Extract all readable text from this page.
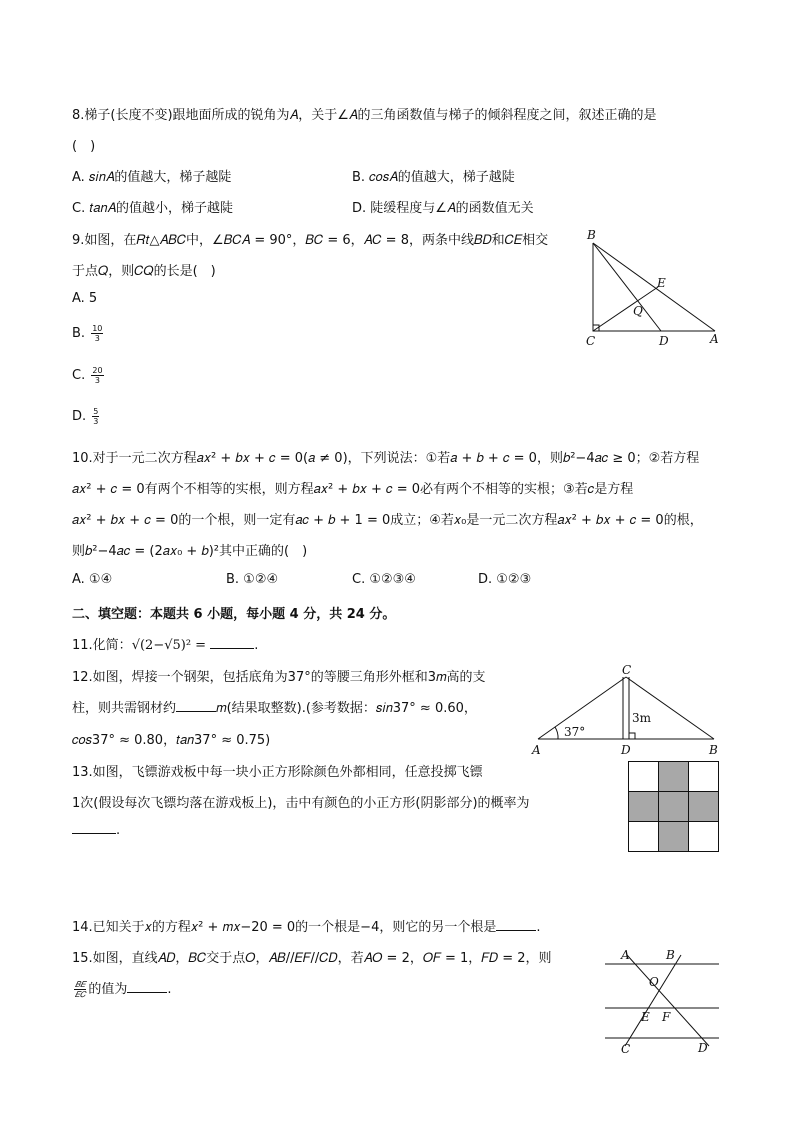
8.梯子(长度不变)跟地面所成的锐角为𝐴，关于∠𝐴的三角函数值与梯子的倾斜程度之间，叙述正确的是
(　)
A. 𝑠𝑖𝑛𝐴的值越大，梯子越陡	B. 𝑐𝑜𝑠𝐴的值越大，梯子越陡
C. 𝑡𝑎𝑛𝐴的值越小，梯子越陡	D. 陡缓程度与∠𝐴的函数值无关
9.如图，在𝑅𝑡△𝐴𝐵𝐶中，∠𝐵𝐶𝐴 = 90°，𝐵𝐶 = 6，𝐴𝐶 = 8，两条中线𝐵𝐷和𝐶𝐸相交
于点𝑄，则𝐶𝑄的长是(　)
A. 5
B. $\frac{10}{3}$
C. $\frac{20}{3}$
D. $\frac{5}{3}$
B
E
Q
C	D	A
10.对于一元二次方程𝑎𝑥² + 𝑏𝑥 + 𝑐 = 0(𝑎 ≠ 0)，下列说法：①若𝑎 + 𝑏 + 𝑐 = 0，则𝑏²−4𝑎𝑐 ≥ 0；②若方程
𝑎𝑥² + 𝑐 = 0有两个不相等的实根，则方程𝑎𝑥² + 𝑏𝑥 + 𝑐 = 0必有两个不相等的实根；③若𝑐是方程
𝑎𝑥² + 𝑏𝑥 + 𝑐 = 0的一个根，则一定有𝑎𝑐 + 𝑏 + 1 = 0成立；④若𝑥₀是一元二次方程𝑎𝑥² + 𝑏𝑥 + 𝑐 = 0的根，
则𝑏²−4𝑎𝑐 = (2𝑎𝑥₀ + 𝑏)²其中正确的(　)
A. ①④	B. ①②④	C. ①②③④	D. ①②③
二、填空题：本题共 6 小题，每小题 4 分，共 24 分。
11.化简：√(2−√5)² =	.
12.如图，焊接一个钢架，包括底角为37°的等腰三角形外框和3𝑚高的支
柱，则共需钢材约	𝑚(结果取整数).(参考数据：𝑠𝑖𝑛37° ≈ 0.60，
𝑐𝑜𝑠37° ≈ 0.80，𝑡𝑎𝑛37° ≈ 0.75)
C
A	D	B
37°
3m
13.如图，飞镖游戏板中每一块小正方形除颜色外都相同，任意投掷飞镖
1次(假设每次飞镖均落在游戏板上)，击中有颜色的小正方形(阴影部分)的概率为
.
14.已知关于𝑥的方程𝑥² + 𝑚𝑥−20 = 0的一个根是−4，则它的另一个根是	.
15.如图，直线𝐴𝐷，𝐵𝐶交于点𝑂，𝐴𝐵//𝐸𝐹//𝐶𝐷，若𝐴𝑂 = 2，𝑂𝐹 = 1，𝐹𝐷 = 2，则
$\frac{\text{𝐵𝐸}}{\text{𝐸𝐶}}$ 的值为	.
A	B
O
E F
C	D
